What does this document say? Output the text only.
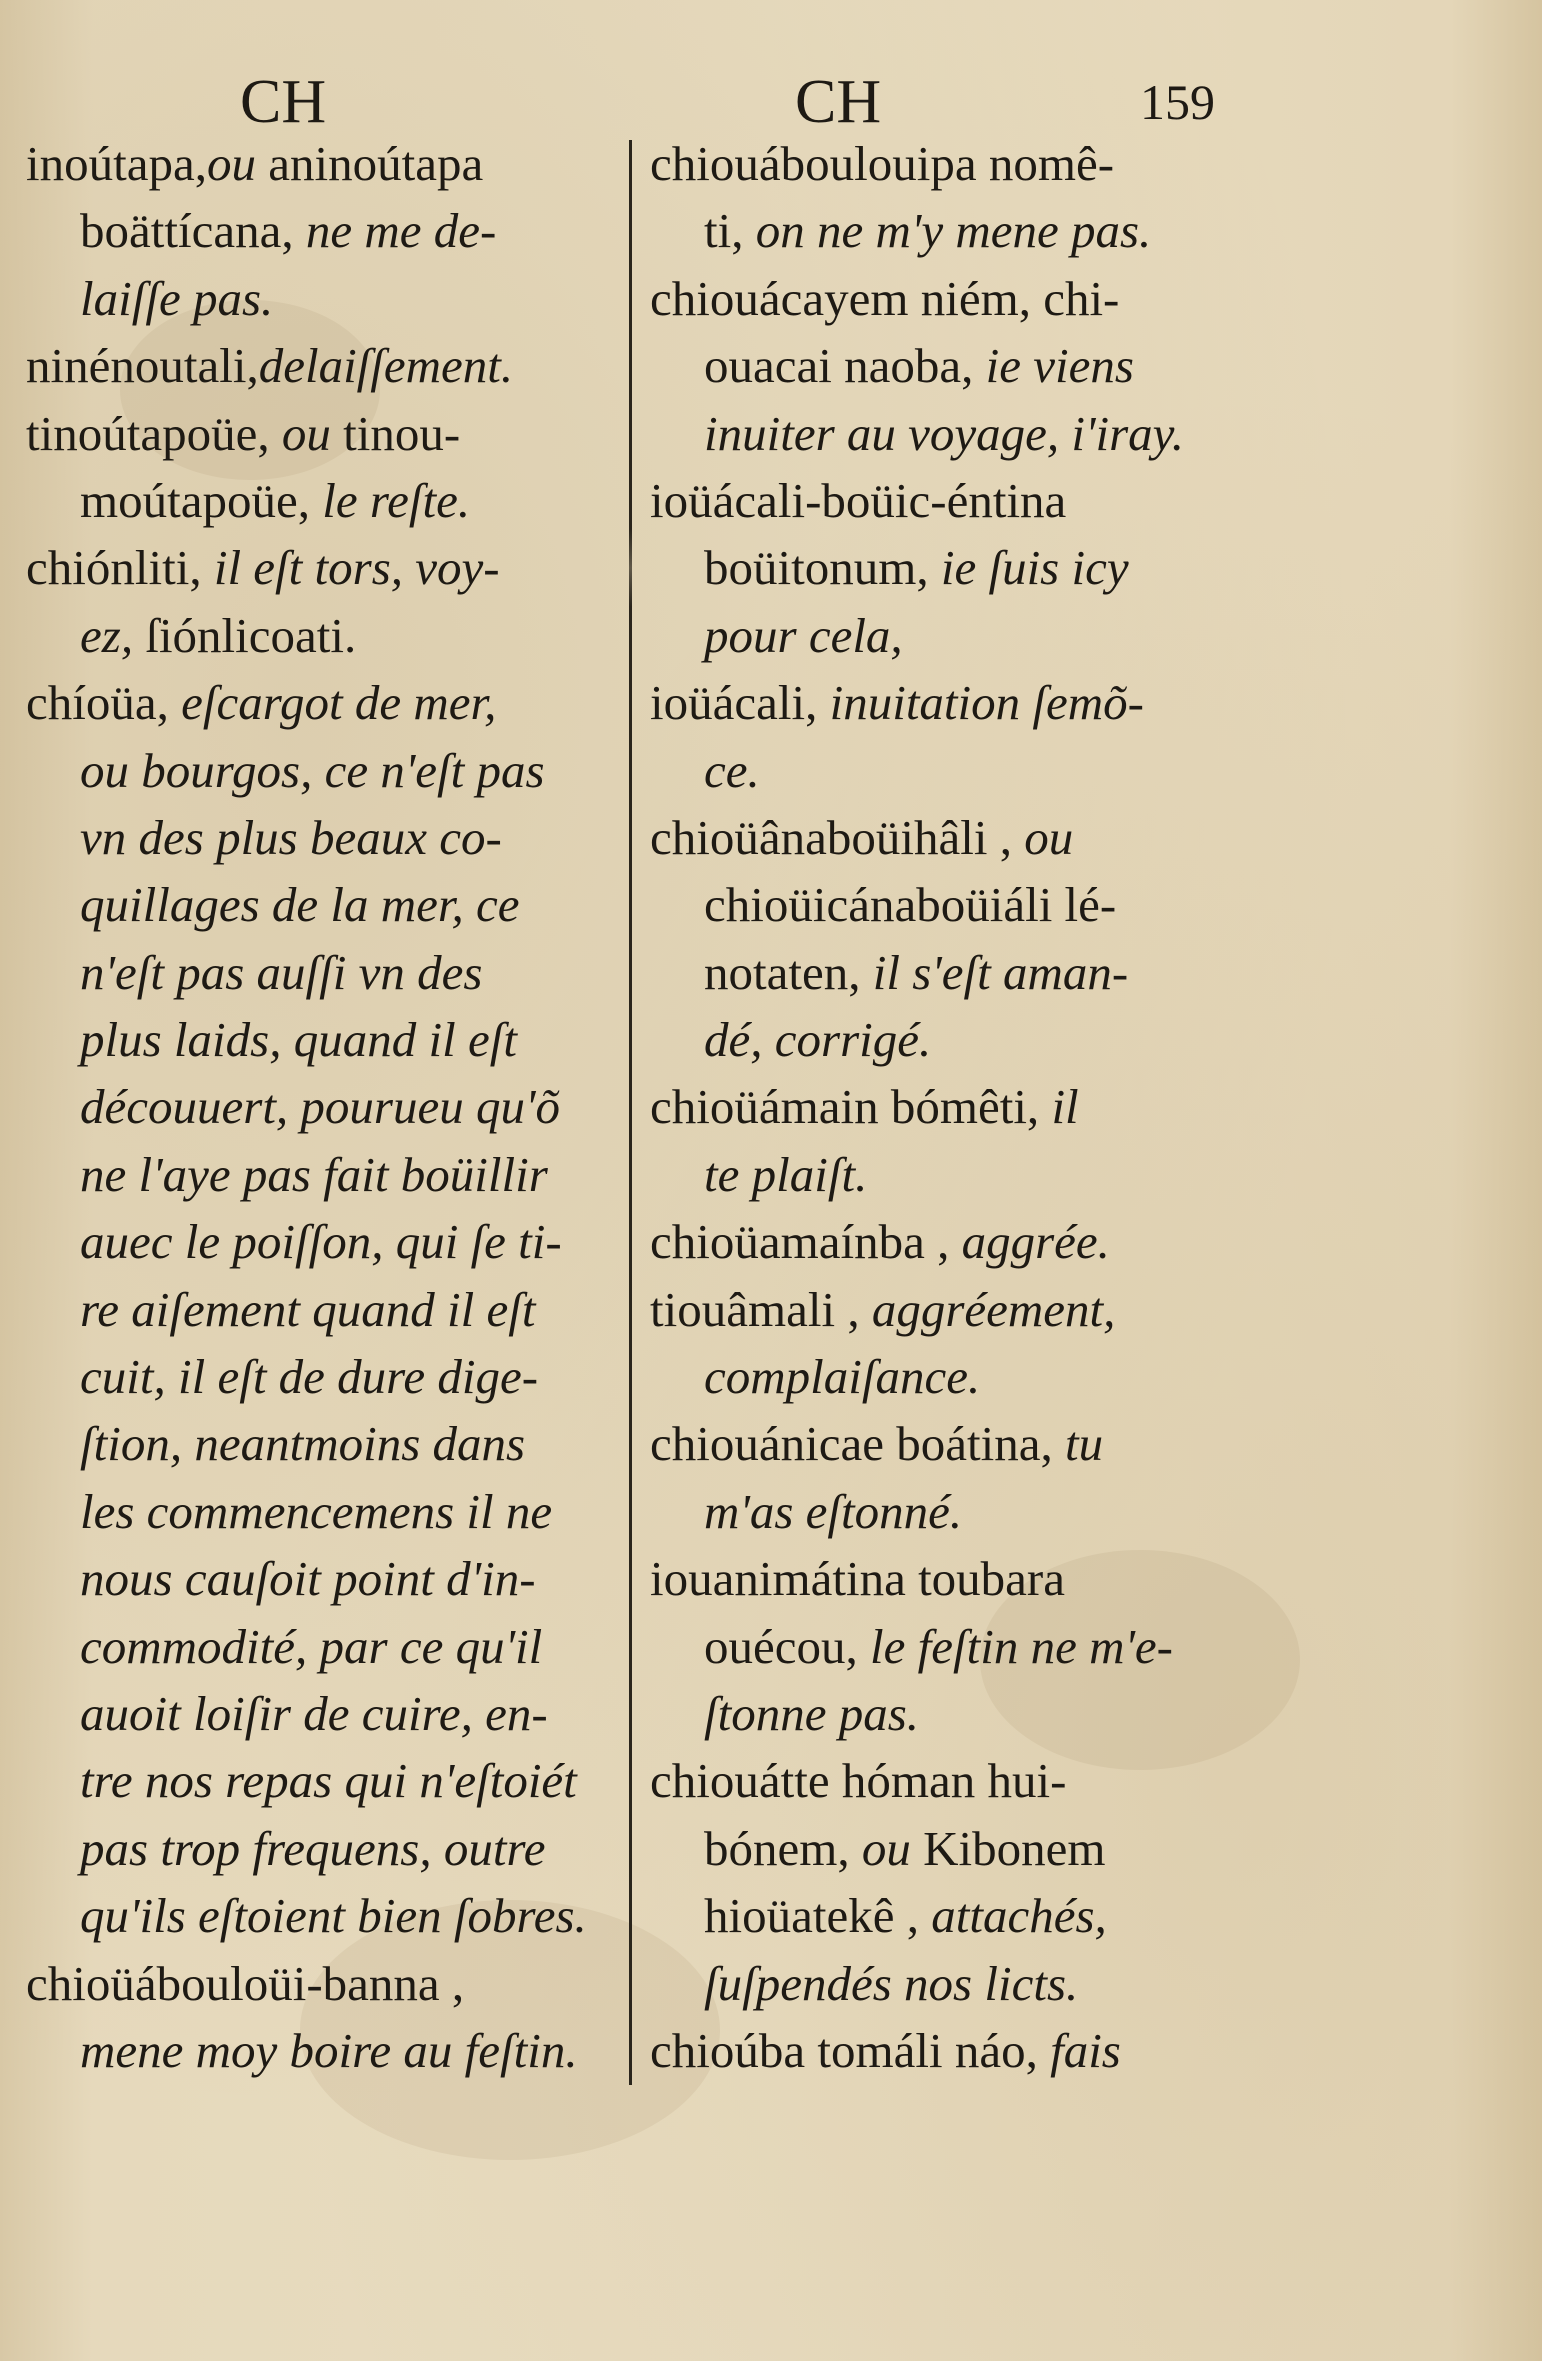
CH	CH	159
inoútapa,ou aninoútapa
boättícana, ne me de-
laiſſe pas.
ninénoutali,delaiſſement.
tinoútapoüe, ou tinou-
moútapoüe, le reſte.
chiónliti, il eſt tors, voy-
ez, ſiónlicoati.
chíoüa, eſcargot de mer,
ou bourgos, ce n'eſt pas
vn des plus beaux co-
quillages de la mer, ce
n'eſt pas auſſi vn des
plus laids, quand il eſt
découuert, pourueu qu'õ
ne l'aye pas fait boüillir
auec le poiſſon, qui ſe ti-
re aiſement quand il eſt
cuit, il eſt de dure dige-
ſtion, neantmoins dans
les commencemens il ne
nous cauſoit point d'in-
commodité, par ce qu'il
auoit loiſir de cuire, en-
tre nos repas qui n'eſtoiét
pas trop frequens, outre
qu'ils eſtoient bien ſobres.
chioüábouloüi-banna ,
mene moy boire au feſtin.
chiouáboulouipa nomê-
ti, on ne m'y mene pas.
chiouácayem niém, chi-
ouacai naoba, ie viens
inuiter au voyage, i'iray.
ioüácali-boüic-éntina
boüitonum, ie ſuis icy
pour cela,
ioüácali, inuitation ſemõ-
ce.
chioüânaboüihâli , ou
chioüicánaboüiáli lé-
notaten, il s'eſt aman-
dé, corrigé.
chioüámain bómêti, il
te plaiſt.
chioüamaínba , aggrée.
tiouâmali , aggréement,
complaiſance.
chiouánicae boátina, tu
m'as eſtonné.
iouanimátina toubara
ouécou, le feſtin ne m'e-
ſtonne pas.
chiouátte hóman hui-
bónem, ou Kibonem
hioüatekê , attachés,
ſuſpendés nos licts.
chioúba tomáli náo, fais
